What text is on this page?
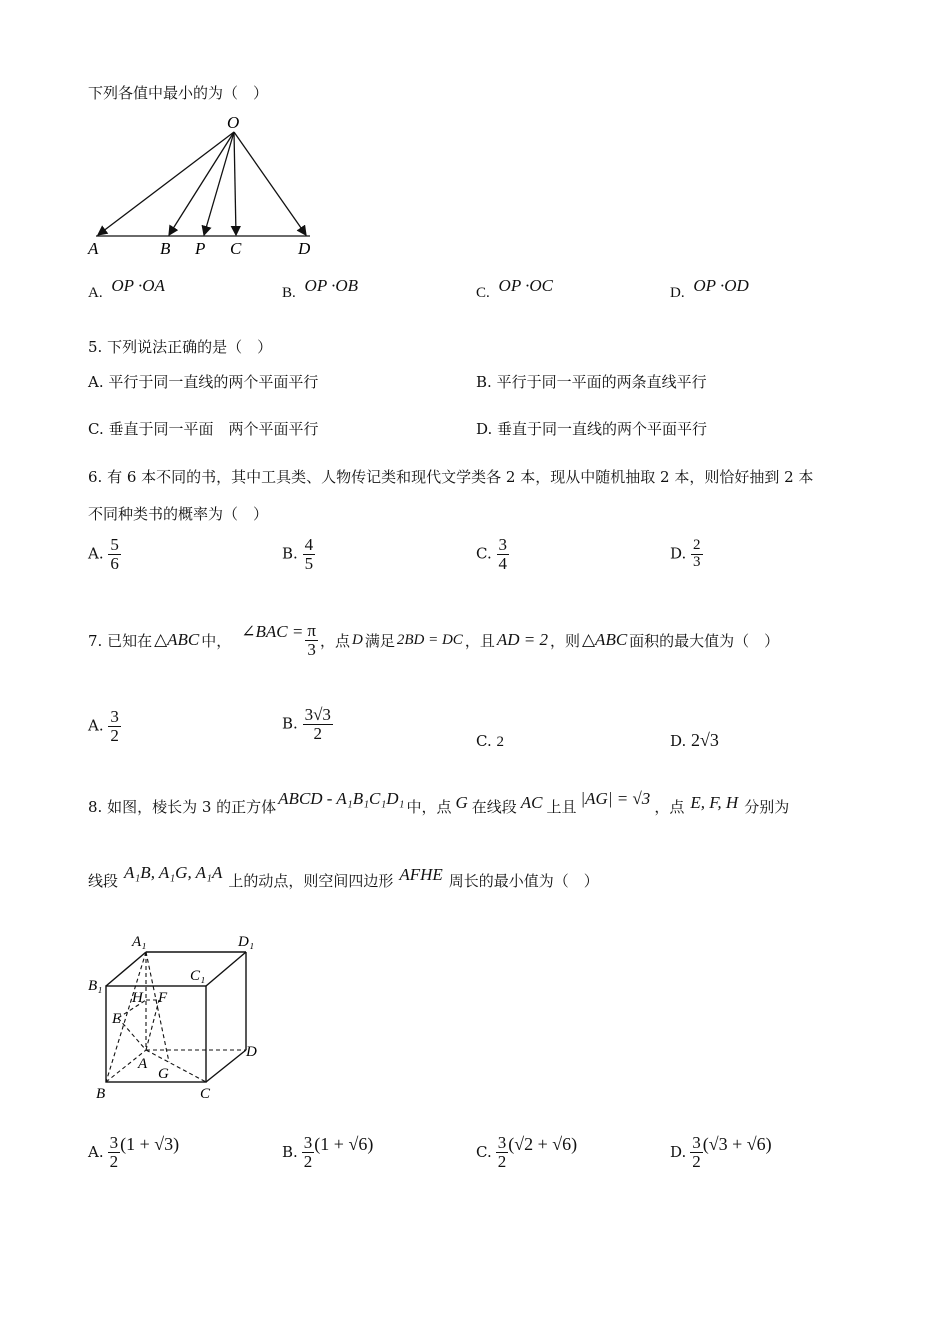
下列各值中最小的为（　）
O
A	B P C	D
A. OP ·OA	B. OP ·OB	C. OP ·OC	D. OP ·OD
5. 下列说法正确的是（　）
A. 平行于同一直线的两个平面平行	B. 平行于同一平面的两条直线平行
C. 垂直于同一平面　两个平面平行	D. 垂直于同一直线的两个平面平行
6. 有 6 本不同的书，其中工具类、人物传记类和现代文学类各 2 本，现从中随机抽取 2 本，则恰好抽到 2 本
不同种类书的概率为（　）
A. $\frac{5}{6}$	B. $\frac{4}{5}$	C. $\frac{3}{4}$	D. $\frac{2}{3}$
7. 已知在 △ABC 中， ∠BAC = $\frac{\pi}{3}$ ，点 D 满足 2BD = DC ，且 AD = 2 ，则 △ABC 面积的最大值为（　）
A. $\frac{3}{2}$	B. $\frac{3√3}{2}$	C. 2	D. 2√3
8. 如图，棱长为 3 的正方体 ABCD - A₁B₁C₁D₁ 中，点 G 在线段 AC 上且 |AG| = √3 ，点 E, F, H 分别为
线段 A₁B, A₁G, A₁A 上的动点，则空间四边形 AFHE 周长的最小值为（　）
A₁	D₁
B₁
C₁
H F
E
A
G
D
B	C
A. $\frac{3}{2} (1 + √3)$	B. $\frac{3}{2} (1 + √6)$	C. $\frac{3}{2} (√2 + √6)$	D. $\frac{3}{2} (√3 + √6)$
